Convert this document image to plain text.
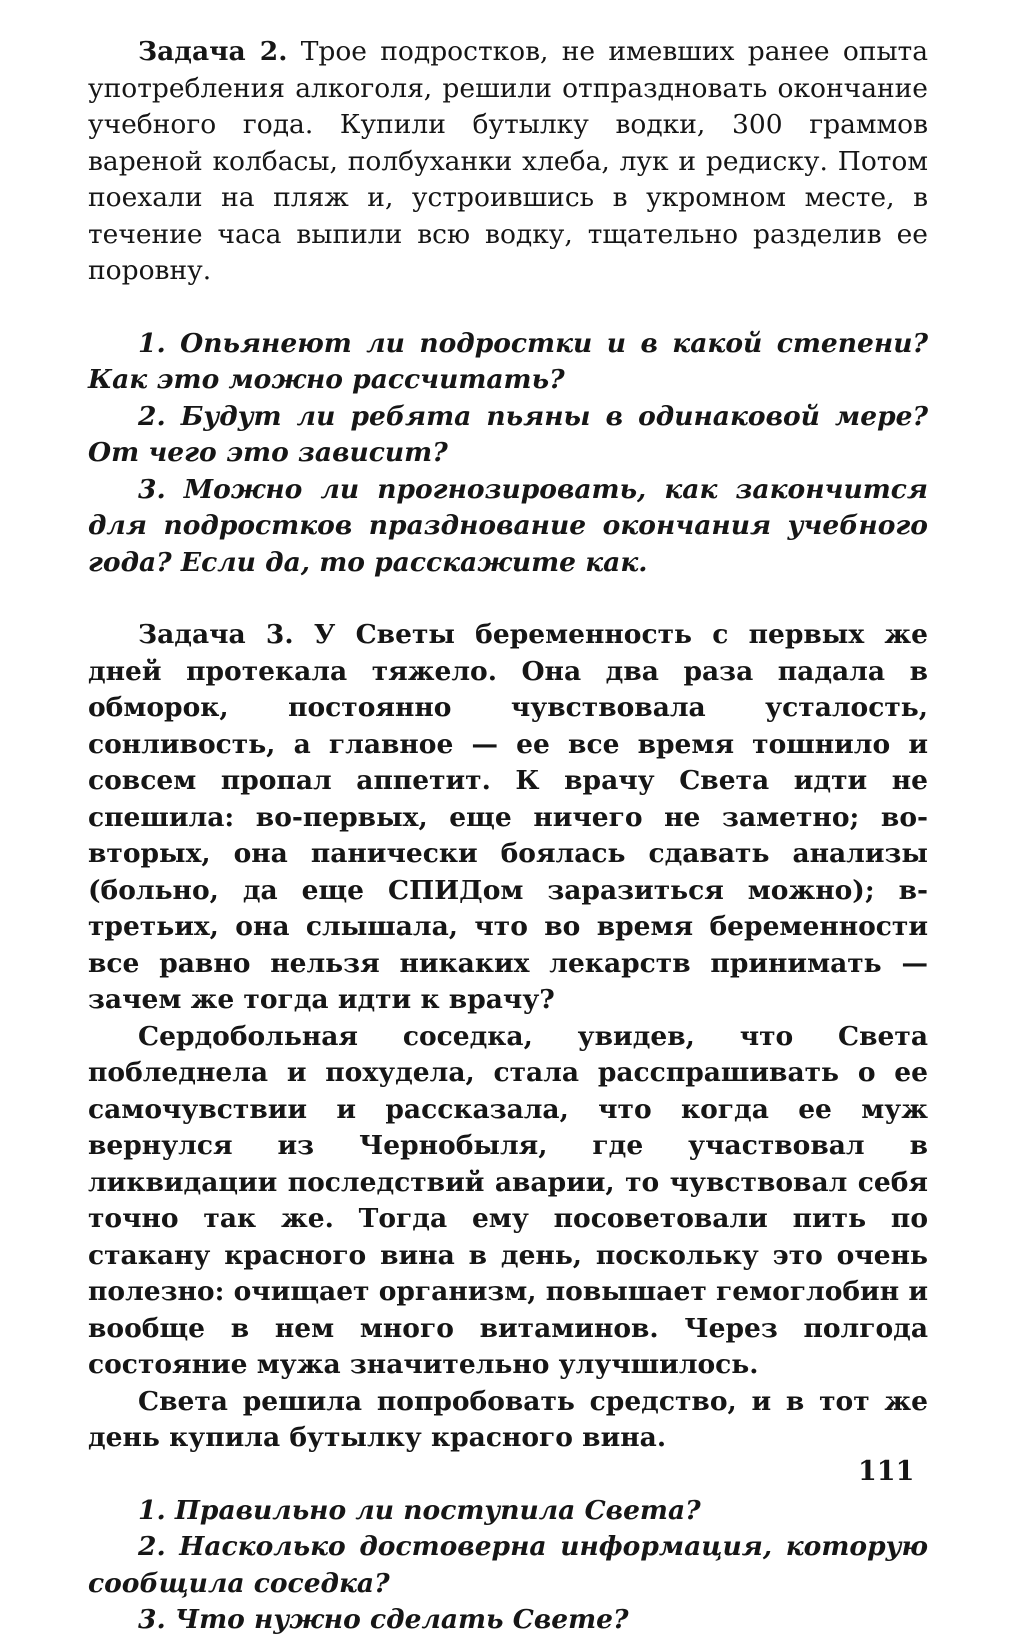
Задача 2. Трое подростков, не имевших ранее опыта употребления алкоголя, решили отпраздновать окончание учебного года. Купили бутылку водки, 300 граммов вареной колбасы, полбуханки хлеба, лук и редиску. Потом поехали на пляж и, устроившись в укромном месте, в течение часа выпили всю водку, тщательно разделив ее поровну.

1. Опьянеют ли подростки и в какой степени? Как это можно рассчитать?

2. Будут ли ребята пьяны в одинаковой мере? От чего это зависит?

3. Можно ли прогнозировать, как закончится для подростков празднование окончания учебного года? Если да, то расскажите как.

Задача 3. У Светы беременность с первых же дней протекала тяжело. Она два раза падала в обморок, постоянно чувствовала усталость, сонливость, а главное — ее все время тошнило и совсем пропал аппетит. К врачу Света идти не спешила: во-первых, еще ничего не заметно; во-вторых, она панически боялась сдавать анализы (больно, да еще СПИДом заразиться можно); в-третьих, она слышала, что во время беременности все равно нельзя никаких лекарств принимать — зачем же тогда идти к врачу?

Сердобольная соседка, увидев, что Света побледнела и похудела, стала расспрашивать о ее самочувствии и рассказала, что когда ее муж вернулся из Чернобыля, где участвовал в ликвидации последствий аварии, то чувствовал себя точно так же. Тогда ему посоветовали пить по стакану красного вина в день, поскольку это очень полезно: очищает организм, повышает гемоглобин и вообще в нем много витаминов. Через полгода состояние мужа значительно улучшилось.

Света решила попробовать средство, и в тот же день купила бутылку красного вина.

1. Правильно ли поступила Света?

2. Насколько достоверна информация, которую сообщила соседка?

3. Что нужно сделать Свете?

111
